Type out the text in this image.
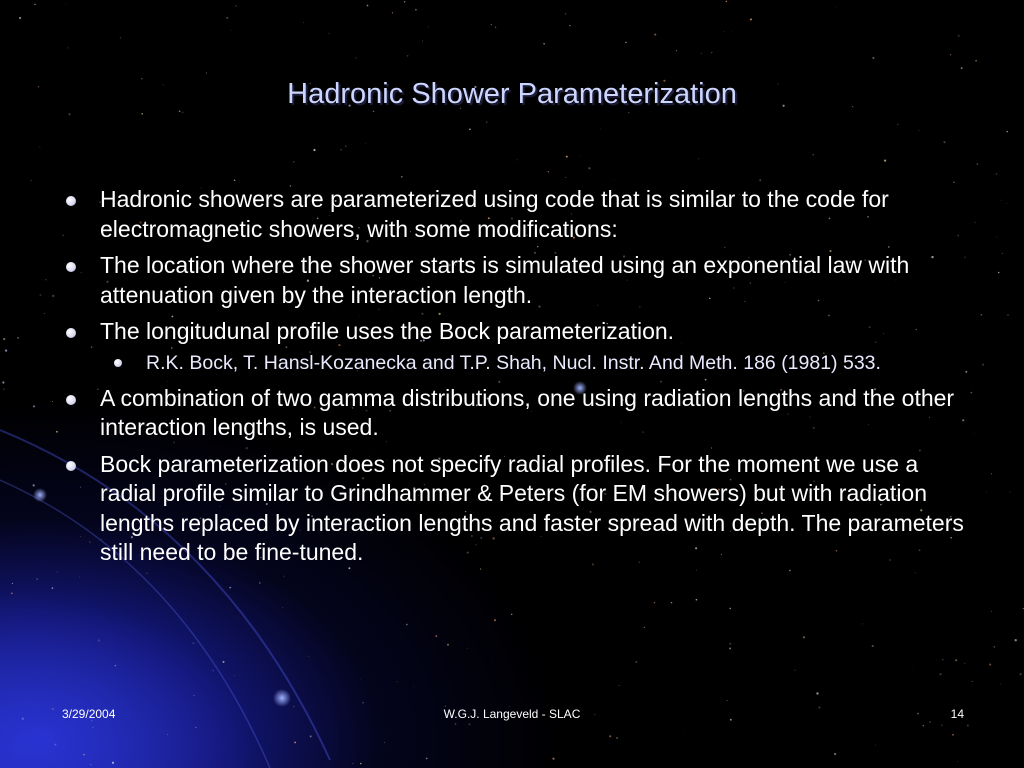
Hadronic Shower Parameterization
Hadronic showers are parameterized using code that is similar to the code for electromagnetic showers, with some modifications:
The location where the shower starts is simulated using an exponential law with attenuation given by the interaction length.
The longitudunal profile uses the Bock parameterization.
R.K. Bock, T. Hansl-Kozanecka and T.P. Shah, Nucl. Instr. And Meth. 186 (1981) 533.
A combination of two gamma distributions, one using radiation lengths and the other interaction lengths, is used.
Bock parameterization does not specify radial profiles. For the moment we use a radial profile similar to Grindhammer & Peters (for EM showers) but with radiation lengths replaced by interaction lengths and faster spread with depth. The parameters still need to be fine-tuned.
3/29/2004	W.G.J. Langeveld - SLAC	14
